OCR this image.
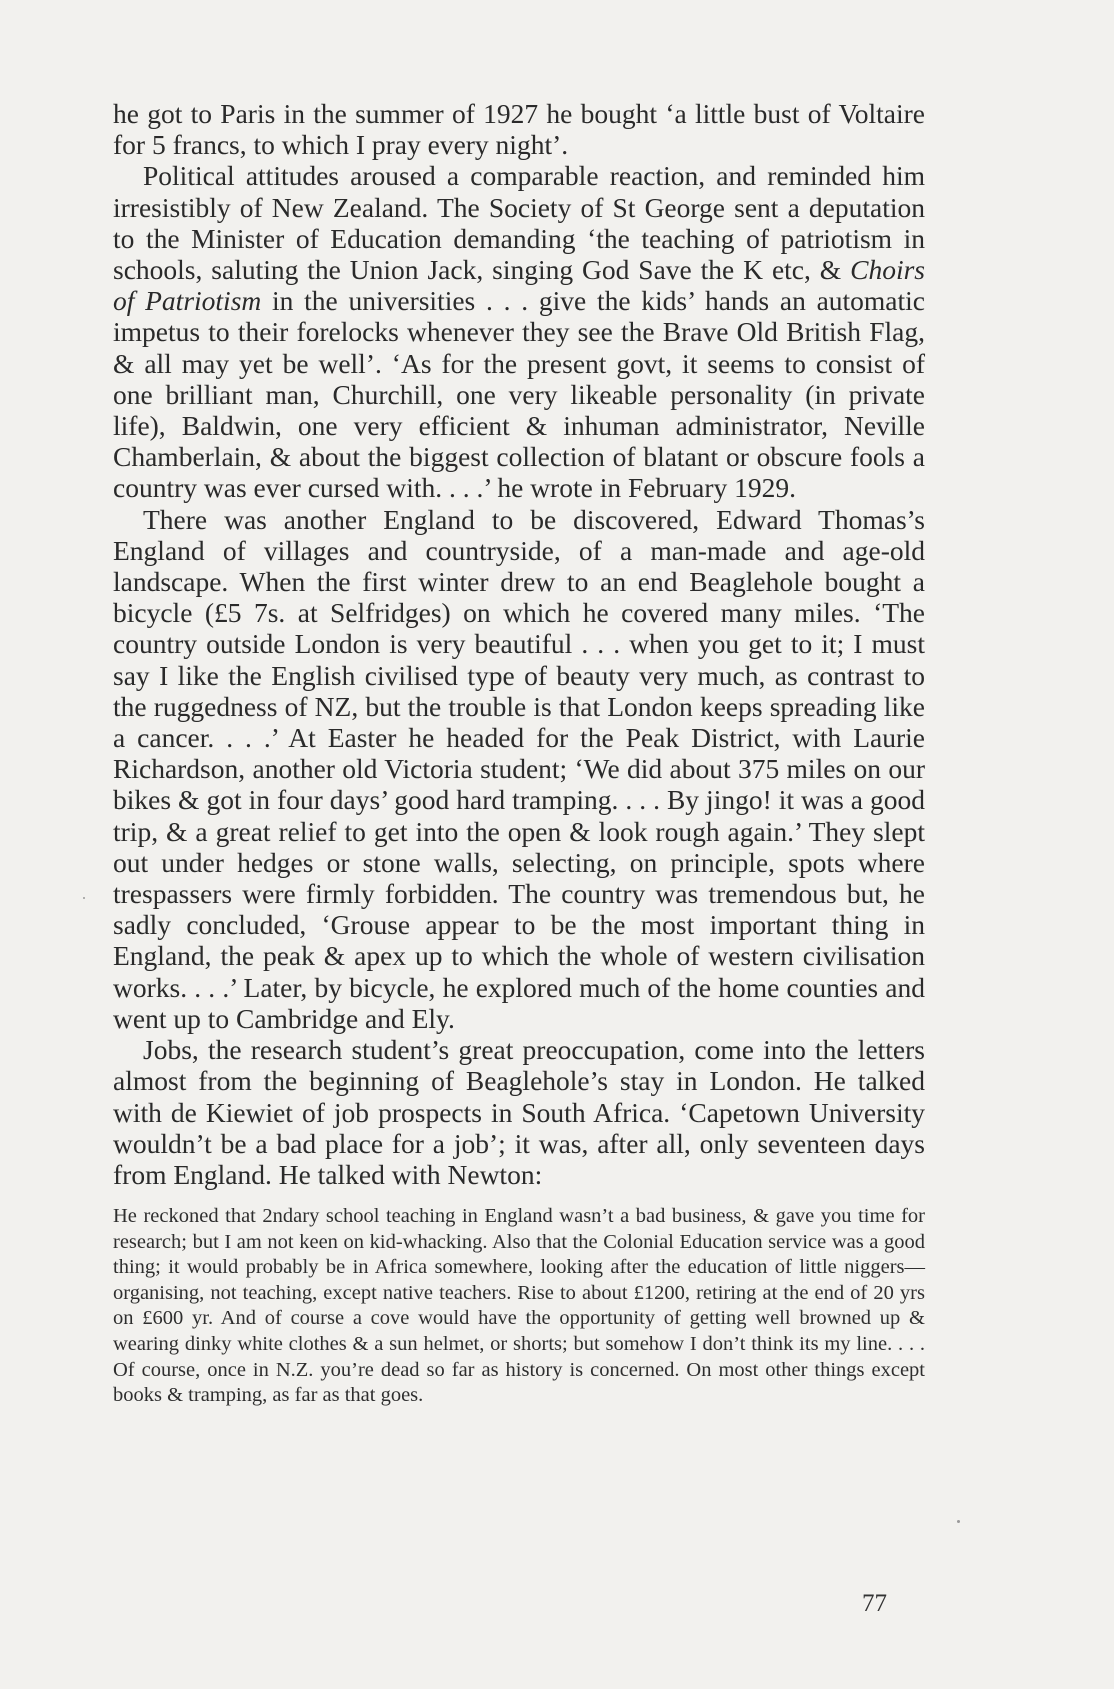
he got to Paris in the summer of 1927 he bought ‘a little bust of Voltaire for 5 francs, to which I pray every night’.

Political attitudes aroused a comparable reaction, and reminded him irresistibly of New Zealand. The Society of St George sent a deputation to the Minister of Education demanding ‘the teaching of patriotism in schools, saluting the Union Jack, singing God Save the K etc, & Choirs of Patriotism in the universities . . . give the kids’ hands an automatic impetus to their forelocks whenever they see the Brave Old British Flag, & all may yet be well’. ‘As for the present govt, it seems to consist of one brilliant man, Churchill, one very likeable personality (in private life), Baldwin, one very efficient & inhuman administrator, Neville Chamberlain, & about the biggest collection of blatant or obscure fools a country was ever cursed with. . . .’ he wrote in February 1929.

There was another England to be discovered, Edward Thomas’s England of villages and countryside, of a man-made and age-old landscape. When the first winter drew to an end Beaglehole bought a bicycle (£5 7s. at Selfridges) on which he covered many miles. ‘The country outside London is very beautiful . . . when you get to it; I must say I like the English civilised type of beauty very much, as contrast to the ruggedness of NZ, but the trouble is that London keeps spreading like a cancer. . . .’ At Easter he headed for the Peak District, with Laurie Richardson, another old Victoria student; ‘We did about 375 miles on our bikes & got in four days’ good hard tramping. . . . By jingo! it was a good trip, & a great relief to get into the open & look rough again.’ They slept out under hedges or stone walls, selecting, on principle, spots where trespassers were firmly forbidden. The country was tremendous but, he sadly concluded, ‘Grouse appear to be the most important thing in England, the peak & apex up to which the whole of western civilisation works. . . .’ Later, by bicycle, he explored much of the home counties and went up to Cambridge and Ely.

Jobs, the research student’s great preoccupation, come into the letters almost from the beginning of Beaglehole’s stay in London. He talked with de Kiewiet of job prospects in South Africa. ‘Capetown University wouldn’t be a bad place for a job’; it was, after all, only seventeen days from England. He talked with Newton:

He reckoned that 2ndary school teaching in England wasn’t a bad business, & gave you time for research; but I am not keen on kid-whacking. Also that the Colonial Education service was a good thing; it would probably be in Africa somewhere, looking after the education of little niggers—organising, not teaching, except native teachers. Rise to about £1200, retiring at the end of 20 yrs on £600 yr. And of course a cove would have the opportunity of getting well browned up & wearing dinky white clothes & a sun helmet, or shorts; but somehow I don’t think its my line. . . . Of course, once in N.Z. you’re dead so far as history is concerned. On most other things except books & tramping, as far as that goes.

77
